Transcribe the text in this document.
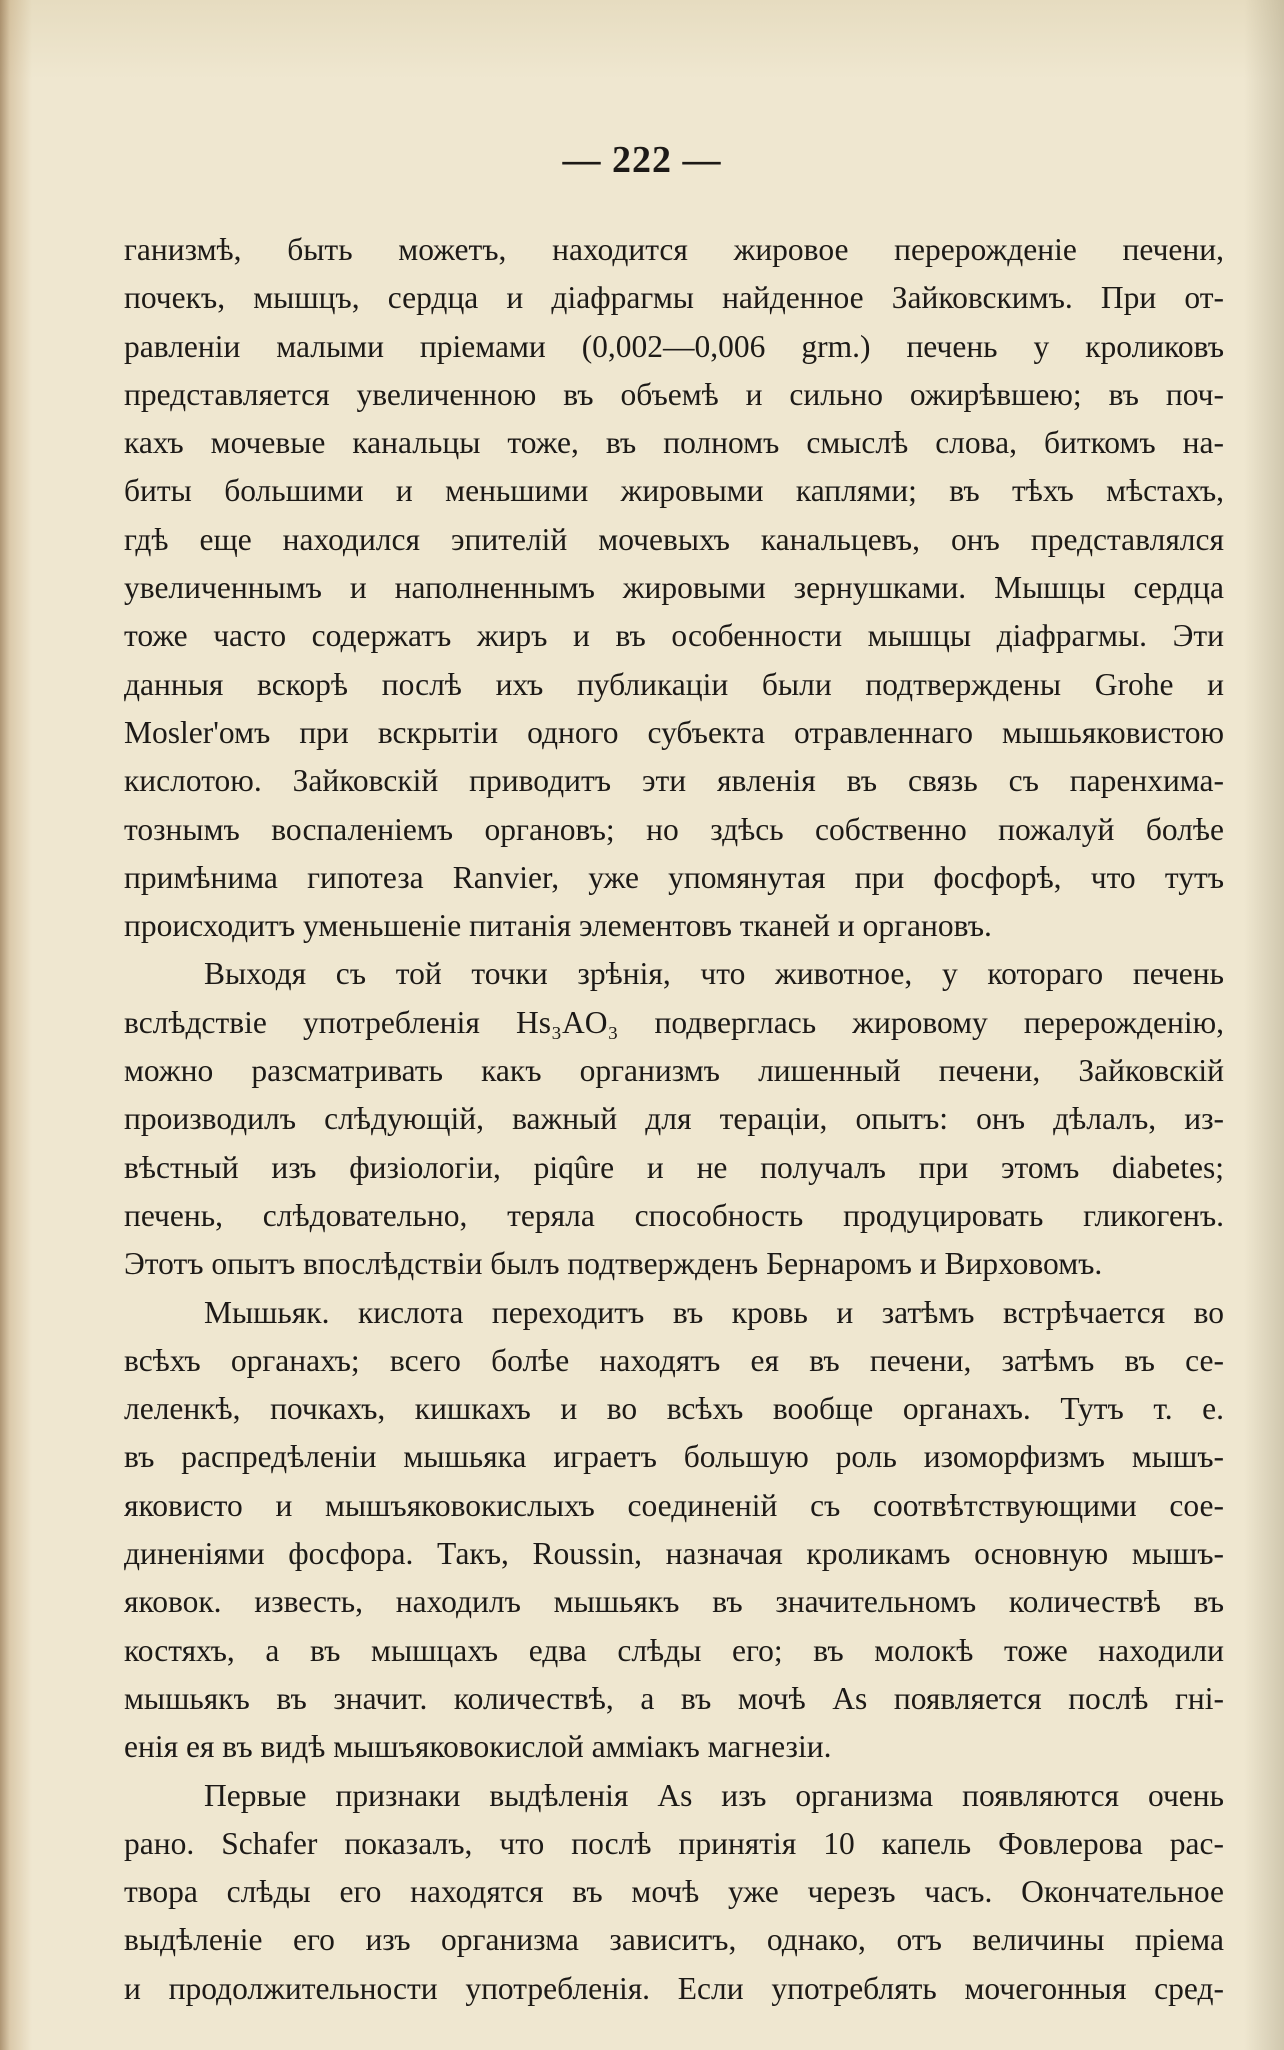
— 222 —
ганизмѣ, быть можетъ, находится жировое перерожденіе печени,
почекъ, мышцъ, сердца и діафрагмы найденное Зайковскимъ. При от-
равленіи малыми пріемами (0,002—0,006 grm.) печень у кроликовъ
представляется увеличенною въ объемѣ и сильно ожирѣвшею; въ поч-
кахъ мочевые канальцы тоже, въ полномъ смыслѣ слова, биткомъ на-
биты большими и меньшими жировыми каплями; въ тѣхъ мѣстахъ,
гдѣ еще находился эпителій мочевыхъ канальцевъ, онъ представлялся
увеличеннымъ и наполненнымъ жировыми зернушками. Мышцы сердца
тоже часто содержатъ жиръ и въ особенности мышцы діафрагмы. Эти
данныя вскорѣ послѣ ихъ публикаціи были подтверждены Grohe и
Mosler'омъ при вскрытіи одного субъекта отравленнаго мышьяковистою
кислотою. Зайковскій приводитъ эти явленія въ связь съ паренхима-
тознымъ воспаленіемъ органовъ; но здѣсь собственно пожалуй болѣе
примѣнима гипотеза Ranvier, уже упомянутая при фосфорѣ, что тутъ
происходитъ уменьшеніе питанія элементовъ тканей и органовъ.
Выходя съ той точки зрѣнія, что животное, у котораго печень
вслѣдствіе употребленія Hs₃AO₃ подверглась жировому перерожденію,
можно разсматривать какъ организмъ лишенный печени, Зайковскій
производилъ слѣдующій, важный для тераціи, опытъ: онъ дѣлалъ, из-
вѣстный изъ физіологіи, piqûre и не получалъ при этомъ diabetes;
печень, слѣдовательно, теряла способность продуцировать гликогенъ.
Этотъ опытъ впослѣдствіи былъ подтвержденъ Бернаромъ и Вирховомъ.
Мышьяк. кислота переходитъ въ кровь и затѣмъ встрѣчается во
всѣхъ органахъ; всего болѣе находятъ ея въ печени, затѣмъ въ се-
леленкѣ, почкахъ, кишкахъ и во всѣхъ вообще органахъ. Тутъ т. е.
въ распредѣленіи мышьяка играетъ большую роль изоморфизмъ мышъ-
яковисто и мышъяковокислыхъ соединеній съ соотвѣтствующими сое-
диненіями фосфора. Такъ, Roussin, назначая кроликамъ основную мышъ-
яковок. известь, находилъ мышьякъ въ значительномъ количествѣ въ
костяхъ, а въ мышцахъ едва слѣды его; въ молокѣ тоже находили
мышьякъ въ значит. количествѣ, а въ мочѣ As появляется послѣ гні-
енія ея въ видѣ мышъяковокислой аммiакъ магнезiи.
Первые признаки выдѣленія As изъ организма появляются очень
рано. Schafer показалъ, что послѣ принятія 10 капель Фовлерова рас-
твора слѣды его находятся въ мочѣ уже черезъ часъ. Окончательное
выдѣленіе его изъ организма зависитъ, однако, отъ величины пріема
и продолжительности употребленія. Если употреблять мочегонныя сред-
